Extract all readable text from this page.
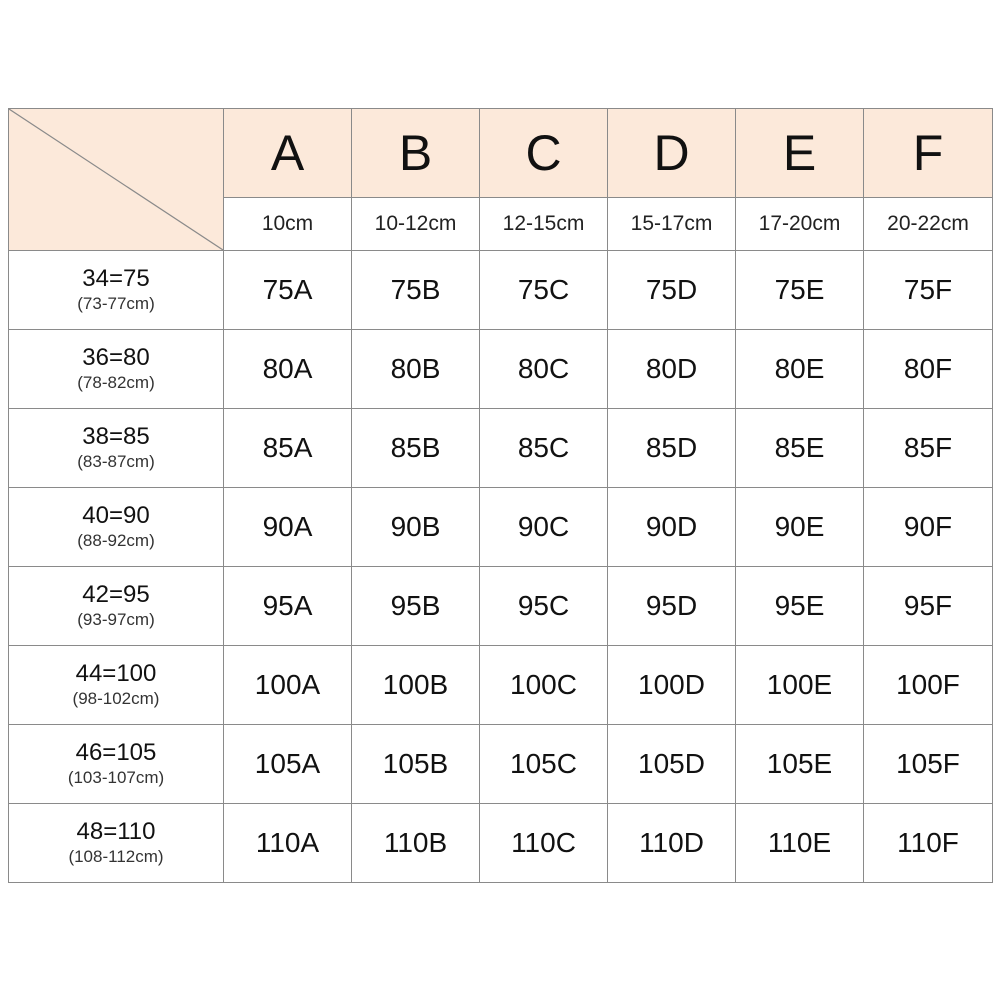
	A	B	C	D	E	F
	10cm	10-12cm	12-15cm	15-17cm	17-20cm	20-22cm

34=75
(73-77cm)	75A	75B	75C	75D	75E	75F

36=80
(78-82cm)	80A	80B	80C	80D	80E	80F

38=85
(83-87cm)	85A	85B	85C	85D	85E	85F

40=90
(88-92cm)	90A	90B	90C	90D	90E	90F

42=95
(93-97cm)	95A	95B	95C	95D	95E	95F

44=100
(98-102cm)	100A	100B	100C	100D	100E	100F

46=105
(103-107cm)	105A	105B	105C	105D	105E	105F

48=110
(108-112cm)	110A	110B	110C	110D	110E	110F
